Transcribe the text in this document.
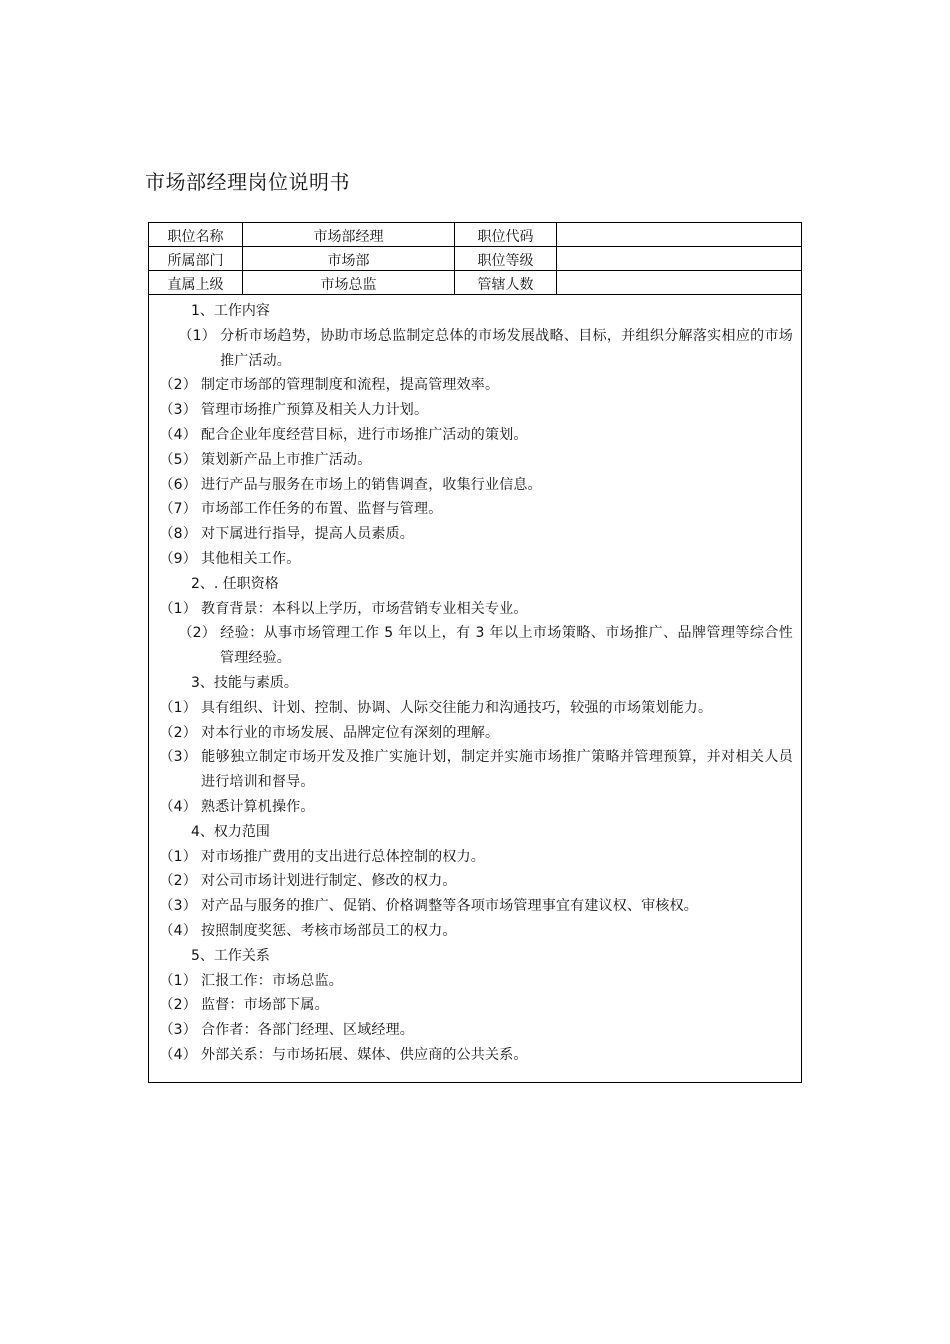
市场部经理岗位说明书
职位名称	市场部经理	职位代码
所属部门	市场部	职位等级
直属上级	市场总监	管辖人数
1、工作内容
（1） 分析市场趋势，协助市场总监制定总体的市场发展战略、目标，并组织分解落实相应的市场推广活动。
（2） 制定市场部的管理制度和流程，提高管理效率。
（3） 管理市场推广预算及相关人力计划。
（4） 配合企业年度经营目标，进行市场推广活动的策划。
（5） 策划新产品上市推广活动。
（6） 进行产品与服务在市场上的销售调查，收集行业信息。
（7） 市场部工作任务的布置、监督与管理。
（8） 对下属进行指导，提高人员素质。
（9） 其他相关工作。
2、. 任职资格
（1） 教育背景：本科以上学历，市场营销专业相关专业。
（2） 经验：从事市场管理工作 5 年以上，有 3 年以上市场策略、市场推广、品牌管理等综合性管理经验。
3、技能与素质。
（1） 具有组织、计划、控制、协调、人际交往能力和沟通技巧，较强的市场策划能力。
（2） 对本行业的市场发展、品牌定位有深刻的理解。
（3） 能够独立制定市场开发及推广实施计划，制定并实施市场推广策略并管理预算，并对相关人员进行培训和督导。
（4） 熟悉计算机操作。
4、权力范围
（1） 对市场推广费用的支出进行总体控制的权力。
（2） 对公司市场计划进行制定、修改的权力。
（3） 对产品与服务的推广、促销、价格调整等各项市场管理事宜有建议权、审核权。
（4） 按照制度奖惩、考核市场部员工的权力。
5、工作关系
（1） 汇报工作：市场总监。
（2） 监督：市场部下属。
（3） 合作者：各部门经理、区域经理。
（4） 外部关系：与市场拓展、媒体、供应商的公共关系。
